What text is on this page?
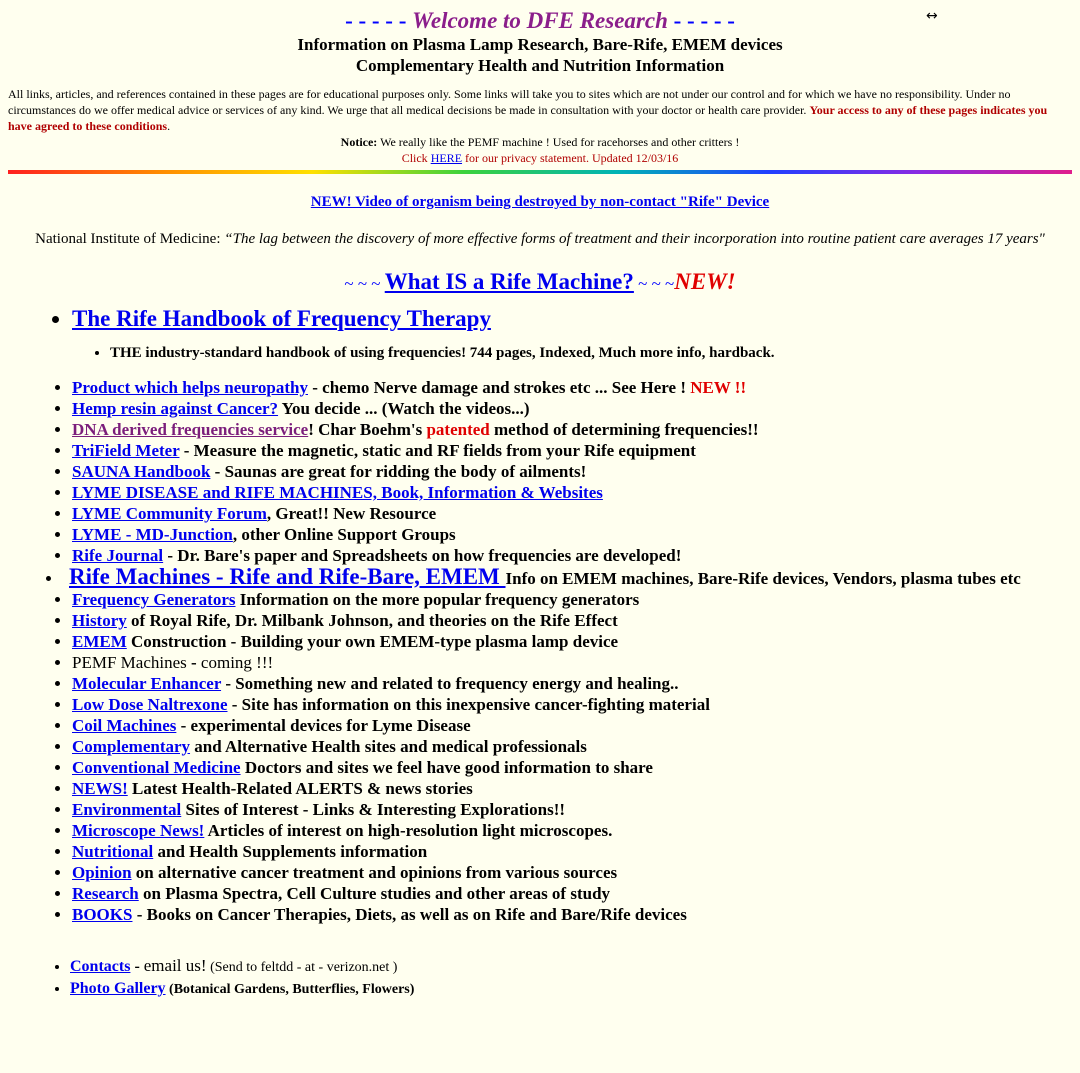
↔
- - - - - Welcome to DFE Research - - - - -
Information on Plasma Lamp Research, Bare-Rife, EMEM devices
Complementary Health and Nutrition Information
All links, articles, and references contained in these pages are for educational purposes only. Some links will take you to sites which are not under our control and for which we have no responsibility. Under no circumstances do we offer medical advice or services of any kind. We urge that all medical decisions be made in consultation with your doctor or health care provider. Your access to any of these pages indicates you have agreed to these conditions.
Notice: We really like the PEMF machine ! Used for racehorses and other critters !
Click HERE for our privacy statement. Updated 12/03/16
NEW! Video of organism being destroyed by non-contact "Rife" Device
National Institute of Medicine: “The lag between the discovery of more effective forms of treatment and their incorporation into routine patient care averages 17 years"
~ ~ ~ What IS a Rife Machine? ~ ~ ~NEW!
• The Rife Handbook of Frequency Therapy
• THE industry-standard handbook of using frequencies! 744 pages, Indexed, Much more info, hardback.
• Product which helps neuropathy - chemo Nerve damage and strokes etc ... See Here ! NEW !!
• Hemp resin against Cancer? You decide ... (Watch the videos...)
• DNA derived frequencies service! Char Boehm's patented method of determining frequencies!!
• TriField Meter - Measure the magnetic, static and RF fields from your Rife equipment
• SAUNA Handbook - Saunas are great for ridding the body of ailments!
• LYME DISEASE and RIFE MACHINES, Book, Information & Websites
• LYME Community Forum, Great!! New Resource
• LYME - MD-Junction, other Online Support Groups
• Rife Journal - Dr. Bare's paper and Spreadsheets on how frequencies are developed!
• Rife Machines - Rife and Rife-Bare, EMEM Info on EMEM machines, Bare-Rife devices, Vendors, plasma tubes etc
• Frequency Generators Information on the more popular frequency generators
• History of Royal Rife, Dr. Milbank Johnson, and theories on the Rife Effect
• EMEM Construction - Building your own EMEM-type plasma lamp device
• PEMF Machines - coming !!!
• Molecular Enhancer - Something new and related to frequency energy and healing..
• Low Dose Naltrexone - Site has information on this inexpensive cancer-fighting material
• Coil Machines - experimental devices for Lyme Disease
• Complementary and Alternative Health sites and medical professionals
• Conventional Medicine Doctors and sites we feel have good information to share
• NEWS! Latest Health-Related ALERTS & news stories
• Environmental Sites of Interest - Links & Interesting Explorations!!
• Microscope News! Articles of interest on high-resolution light microscopes.
• Nutritional and Health Supplements information
• Opinion on alternative cancer treatment and opinions from various sources
• Research on Plasma Spectra, Cell Culture studies and other areas of study
• BOOKS - Books on Cancer Therapies, Diets, as well as on Rife and Bare/Rife devices
• Contacts - email us! (Send to feltdd - at - verizon.net )
• Photo Gallery (Botanical Gardens, Butterflies, Flowers)
